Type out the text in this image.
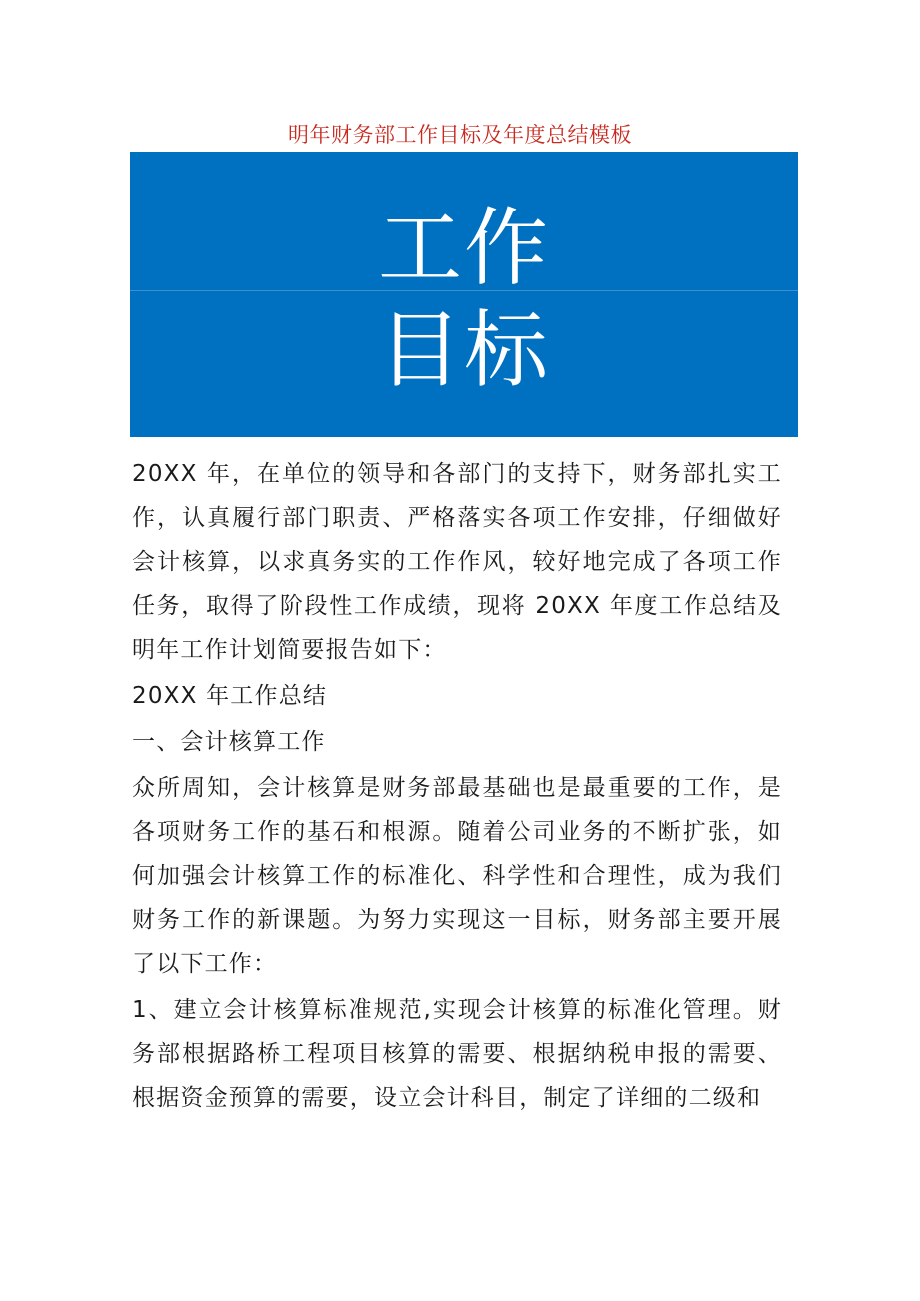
明年财务部工作目标及年度总结模板
工作
目标

20XX 年，在单位的领导和各部门的支持下，财务部扎实工作，认真履行部门职责、严格落实各项工作安排，仔细做好会计核算，以求真务实的工作作风，较好地完成了各项工作任务，取得了阶段性工作成绩，现将 20XX 年度工作总结及明年工作计划简要报告如下：

20XX 年工作总结

一、会计核算工作

众所周知，会计核算是财务部最基础也是最重要的工作，是各项财务工作的基石和根源。随着公司业务的不断扩张，如何加强会计核算工作的标准化、科学性和合理性，成为我们财务工作的新课题。为努力实现这一目标，财务部主要开展了以下工作：

1、建立会计核算标准规范,实现会计核算的标准化管理。财务部根据路桥工程项目核算的需要、根据纳税申报的需要、根据资金预算的需要，设立会计科目，制定了详细的二级和
